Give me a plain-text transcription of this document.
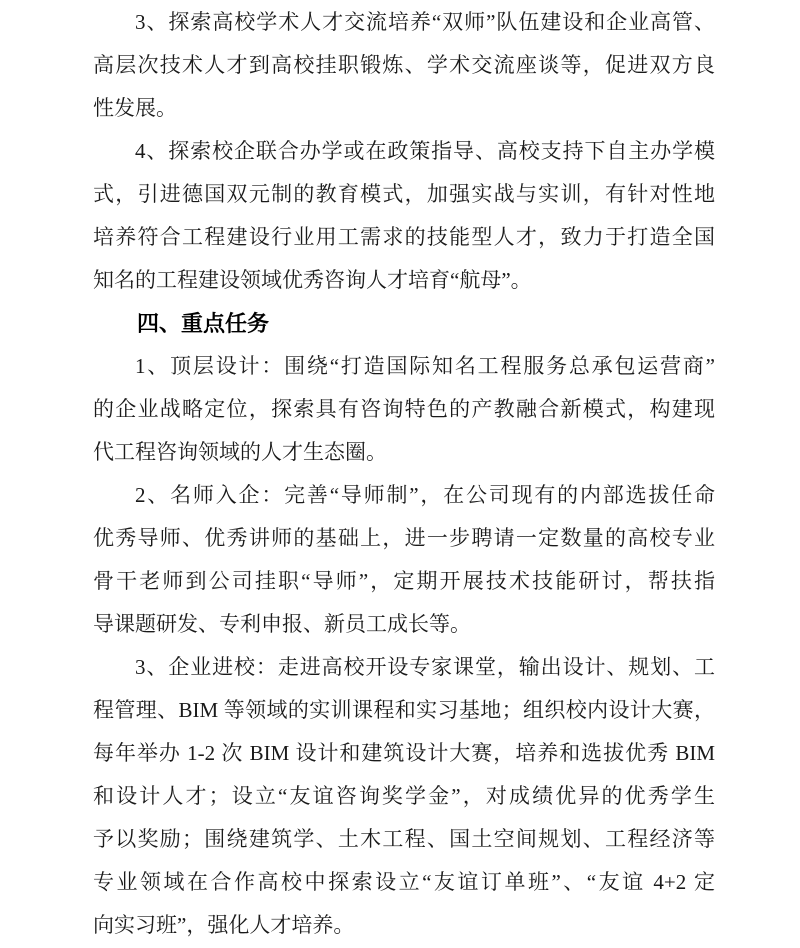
3、探索高校学术人才交流培养“双师”队伍建设和企业高管、
高层次技术人才到高校挂职锻炼、学术交流座谈等，促进双方良
性发展。
4、探索校企联合办学或在政策指导、高校支持下自主办学模
式，引进德国双元制的教育模式，加强实战与实训，有针对性地
培养符合工程建设行业用工需求的技能型人才，致力于打造全国
知名的工程建设领域优秀咨询人才培育“航母”。
四、重点任务
1、顶层设计：围绕“打造国际知名工程服务总承包运营商”
的企业战略定位，探索具有咨询特色的产教融合新模式，构建现
代工程咨询领域的人才生态圈。
2、名师入企：完善“导师制”，在公司现有的内部选拔任命
优秀导师、优秀讲师的基础上，进一步聘请一定数量的高校专业
骨干老师到公司挂职“导师”，定期开展技术技能研讨，帮扶指
导课题研发、专利申报、新员工成长等。
3、企业进校：走进高校开设专家课堂，输出设计、规划、工
程管理、BIM 等领域的实训课程和实习基地；组织校内设计大赛，
每年举办 1-2 次 BIM 设计和建筑设计大赛，培养和选拔优秀 BIM
和设计人才；设立“友谊咨询奖学金”，对成绩优异的优秀学生
予以奖励；围绕建筑学、土木工程、国土空间规划、工程经济等
专业领域在合作高校中探索设立“友谊订单班”、“友谊 4+2 定
向实习班”，强化人才培养。
